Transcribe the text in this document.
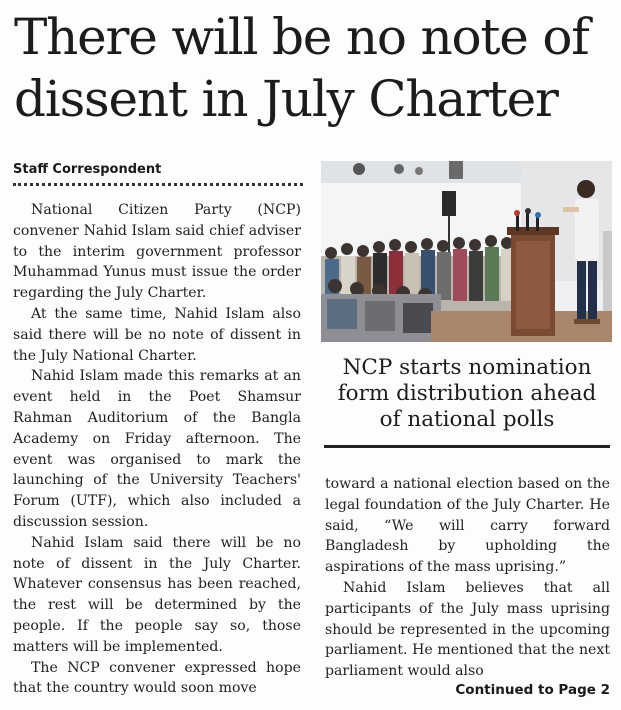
There will be no note of
dissent in July Charter
Staff Correspondent

National Citizen Party (NCP) convener Nahid Islam said chief adviser to the interim government professor Muhammad Yunus must issue the order regarding the July Charter.

At the same time, Nahid Islam also said there will be no note of dissent in the July National Charter.

Nahid Islam made this remarks at an event held in the Poet Shamsur Rahman Auditorium of the Bangla Academy on Friday afternoon. The event was organised to mark the launching of the University Teachers' Forum (UTF), which also included a discussion session.

Nahid Islam said there will be no note of dissent in the July Charter. Whatever consensus has been reached, the rest will be determined by the people. If the people say so, those matters will be implemented.

The NCP convener expressed hope that the country would soon move

NCP starts nomination
form distribution ahead
of national polls

toward a national election based on the legal foundation of the July Charter. He said, “We will carry forward Bangladesh by upholding the aspirations of the mass uprising.”

Nahid Islam believes that all participants of the July mass uprising should be represented in the upcoming parliament. He mentioned that the next parliament would also

Continued to Page 2
